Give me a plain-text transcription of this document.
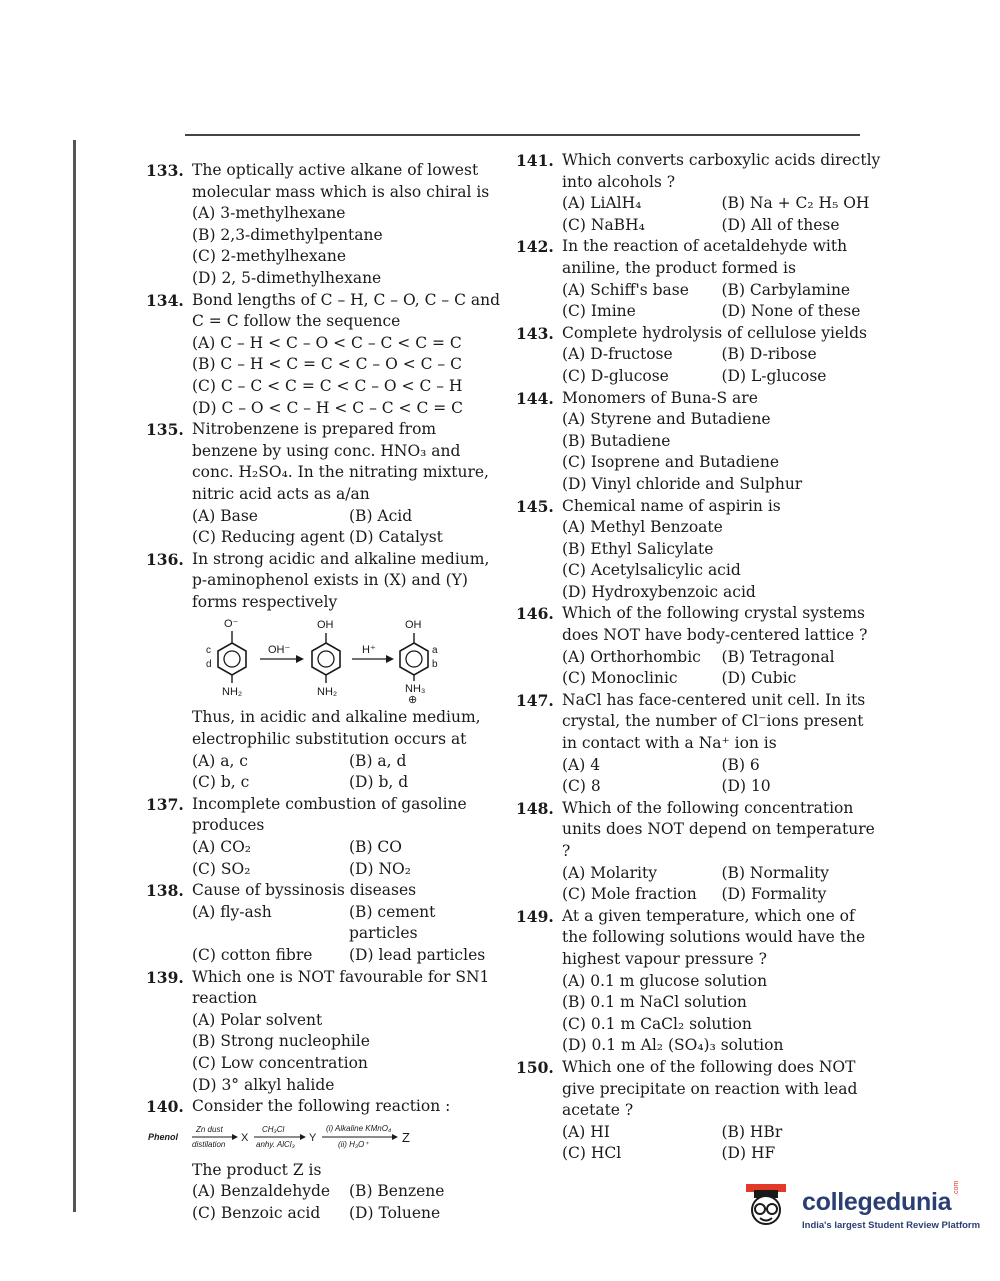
133. The optically active alkane of lowest molecular mass which is also chiral is
(A) 3-methylhexane
(B) 2,3-dimethylpentane
(C) 2-methylhexane
(D) 2, 5-dimethylhexane
134. Bond lengths of C – H, C – O, C – C and C = C follow the sequence
(A) C – H < C – O < C – C < C = C
(B) C – H < C = C < C – O < C – C
(C) C – C < C = C < C – O < C – H
(D) C – O < C – H < C – C < C = C
135. Nitrobenzene is prepared from benzene by using conc. HNO₃ and conc. H₂SO₄. In the nitrating mixture, nitric acid acts as a/an
(A) Base	(B) Acid
(C) Reducing agent (D) Catalyst
136. In strong acidic and alkaline medium, p-aminophenol exists in (X) and (Y) forms respectively
O⁻
NH₂
c
d
OH⁻
OH
NH₂
H⁺
OH
NH₃
⊕
a
b
Thus, in acidic and alkaline medium, electrophilic substitution occurs at
(A) a, c	(B) a, d
(C) b, c	(D) b, d
137. Incomplete combustion of gasoline produces
(A) CO₂	(B) CO
(C) SO₂	(D) NO₂
138. Cause of byssinosis diseases
(A) fly-ash	(B) cement particles
(C) cotton fibre	(D) lead particles
139. Which one is NOT favourable for SN1 reaction
(A) Polar solvent
(B) Strong nucleophile
(C) Low concentration
(D) 3° alkyl halide
140. Consider the following reaction :
Phenol
Zn dust
distilation
X
CH₃Cl
anhy. AlCl₃
Y
(i) Alkaline KMnO₄
(ii) H₃O⁺	Z
The product Z is
(A) Benzaldehyde	(B) Benzene
(C) Benzoic acid	(D) Toluene
141. Which converts carboxylic acids directly into alcohols ?
(A) LiAlH₄	(B) Na + C₂ H₅ OH
(C) NaBH₄	(D) All of these
142. In the reaction of acetaldehyde with aniline, the product formed is
(A) Schiff's base	(B) Carbylamine
(C) Imine	(D) None of these
143. Complete hydrolysis of cellulose yields
(A) D-fructose	(B) D-ribose
(C) D-glucose	(D) L-glucose
144. Monomers of Buna-S are
(A) Styrene and Butadiene
(B) Butadiene
(C) Isoprene and Butadiene
(D) Vinyl chloride and Sulphur
145. Chemical name of aspirin is
(A) Methyl Benzoate
(B) Ethyl Salicylate
(C) Acetylsalicylic acid
(D) Hydroxybenzoic acid
146. Which of the following crystal systems does NOT have body-centered lattice ?
(A) Orthorhombic	(B) Tetragonal
(C) Monoclinic	(D) Cubic
147. NaCl has face-centered unit cell. In its crystal, the number of Cl⁻ions present in contact with a Na⁺ ion is
(A) 4	(B) 6
(C) 8	(D) 10
148. Which of the following concentration units does NOT depend on temperature ?
(A) Molarity	(B) Normality
(C) Mole fraction	(D) Formality
149. At a given temperature, which one of the following solutions would have the highest vapour pressure ?
(A) 0.1 m glucose solution
(B) 0.1 m NaCl solution
(C) 0.1 m CaCl₂ solution
(D) 0.1 m Al₂ (SO₄)₃ solution
150. Which one of the following does NOT give precipitate on reaction with lead acetate ?
(A) HI	(B) HBr
(C) HCl	(D) HF
collegedunia .com
India's largest Student Review Platform
